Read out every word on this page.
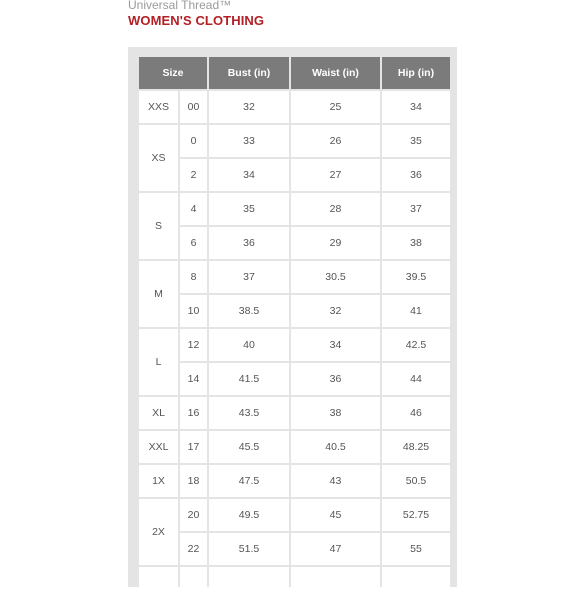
Universal Thread™
WOMEN'S CLOTHING
Size	Bust (in)	Waist (in)	Hip (in)
XXS	00	32	25	34
XS
0	33	26	35
2	34	27	36
S
4	35	28	37
6	36	29	38
M
8	37	30.5	39.5
10	38.5	32	41
L
12	40	34	42.5
14	41.5	36	44
XL	16	43.5	38	46
XXL	17	45.5	40.5	48.25
1X	18	47.5	43	50.5
2X
20	49.5	45	52.75
22	51.5	47	55
